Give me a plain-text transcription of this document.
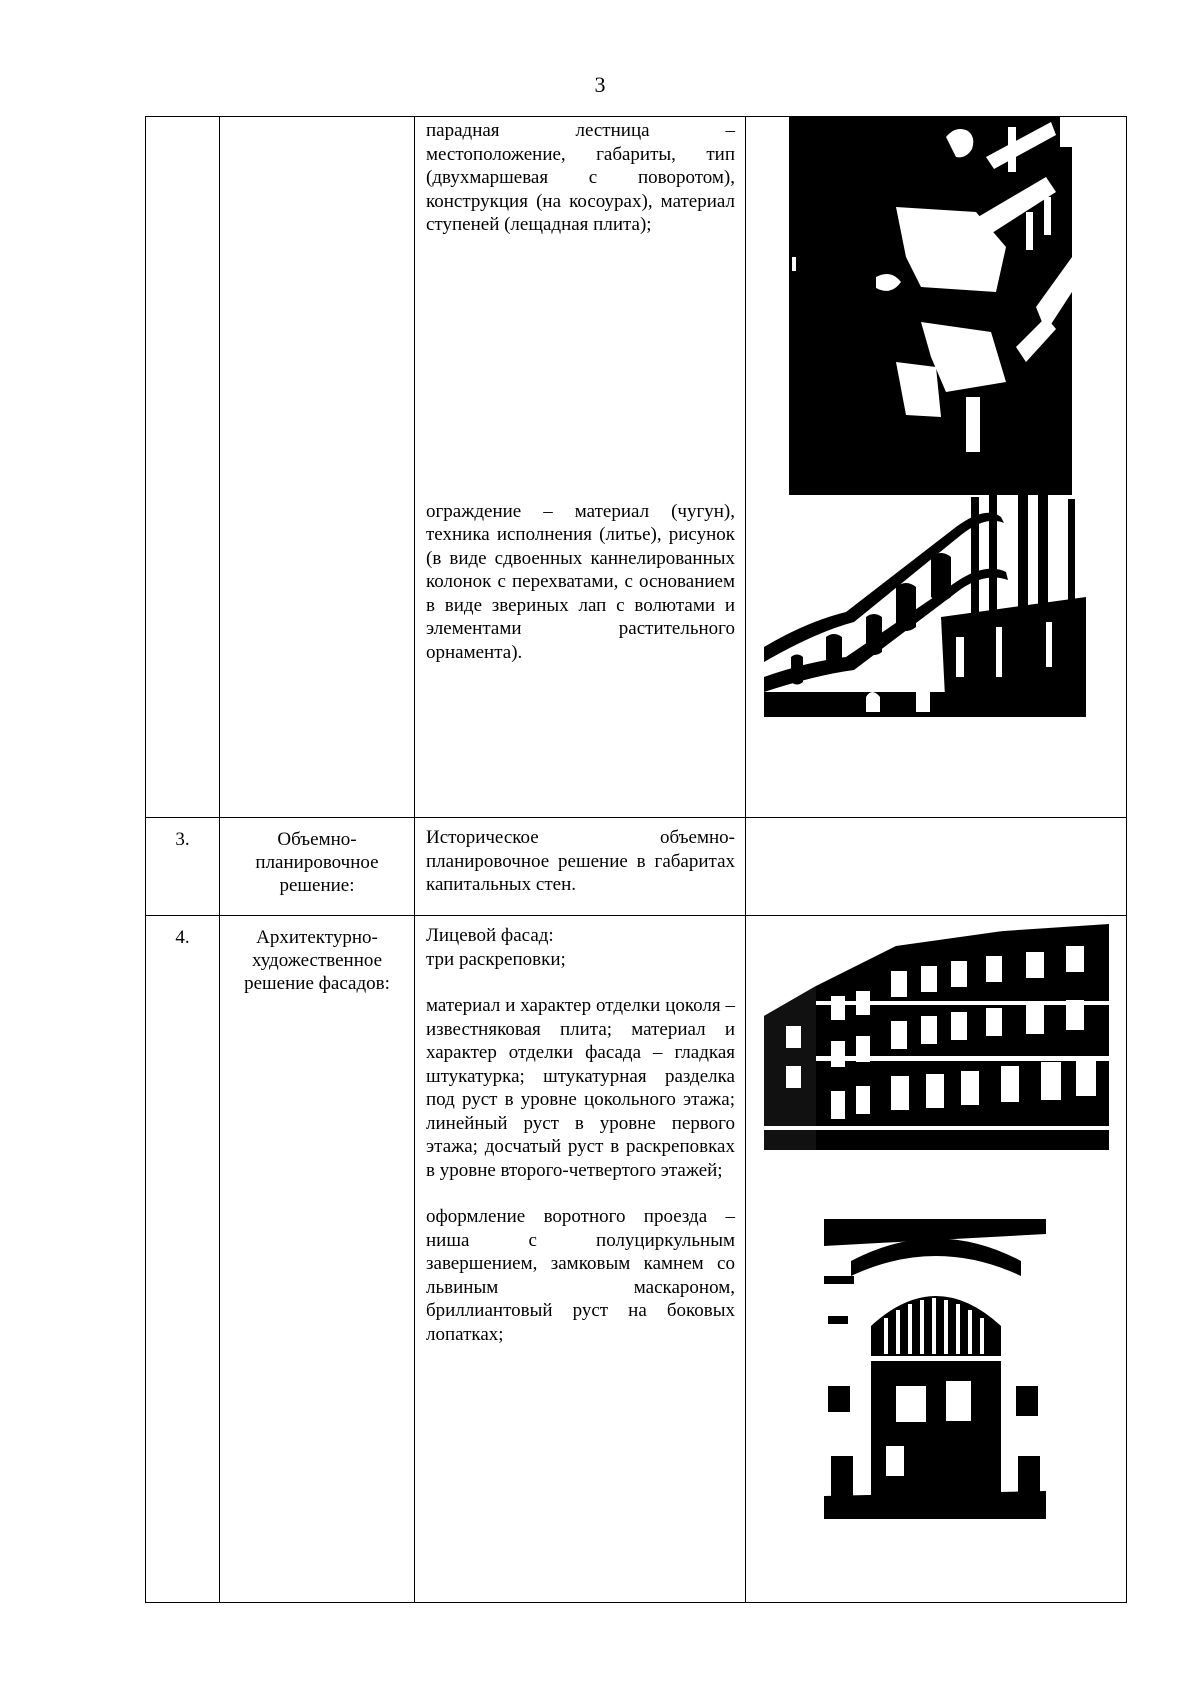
3

		парадная лестница – местоположение, габариты, тип (двухмаршевая с поворотом), конструкция (на косоурах), материал ступеней (лещадная плита);

ограждение – материал (чугун), техника исполнения (литье), рисунок (в виде сдвоенных каннелированных колонок с перехватами, с основанием в виде звериных лап с волютами и элементами растительного орнамента).

3.	Объемно-планировочное решение:	Историческое объемно-планировочное решение в габаритах капитальных стен.	

4.	Архитектурно-художественное решение фасадов:	Лицевой фасад:

три раскреповки;

материал и характер отделки цоколя – известняковая плита; материал и характер отделки фасада – гладкая штукатурка; штукатурная разделка под руст в уровне цокольного этажа; линейный руст в уровне первого этажа; досчатый руст в раскреповках в уровне второго-четвертого этажей;

оформление воротного проезда – ниша с полуциркульным завершением, замковым камнем со львиным маскароном, бриллиантовый руст на боковых лопатках;
